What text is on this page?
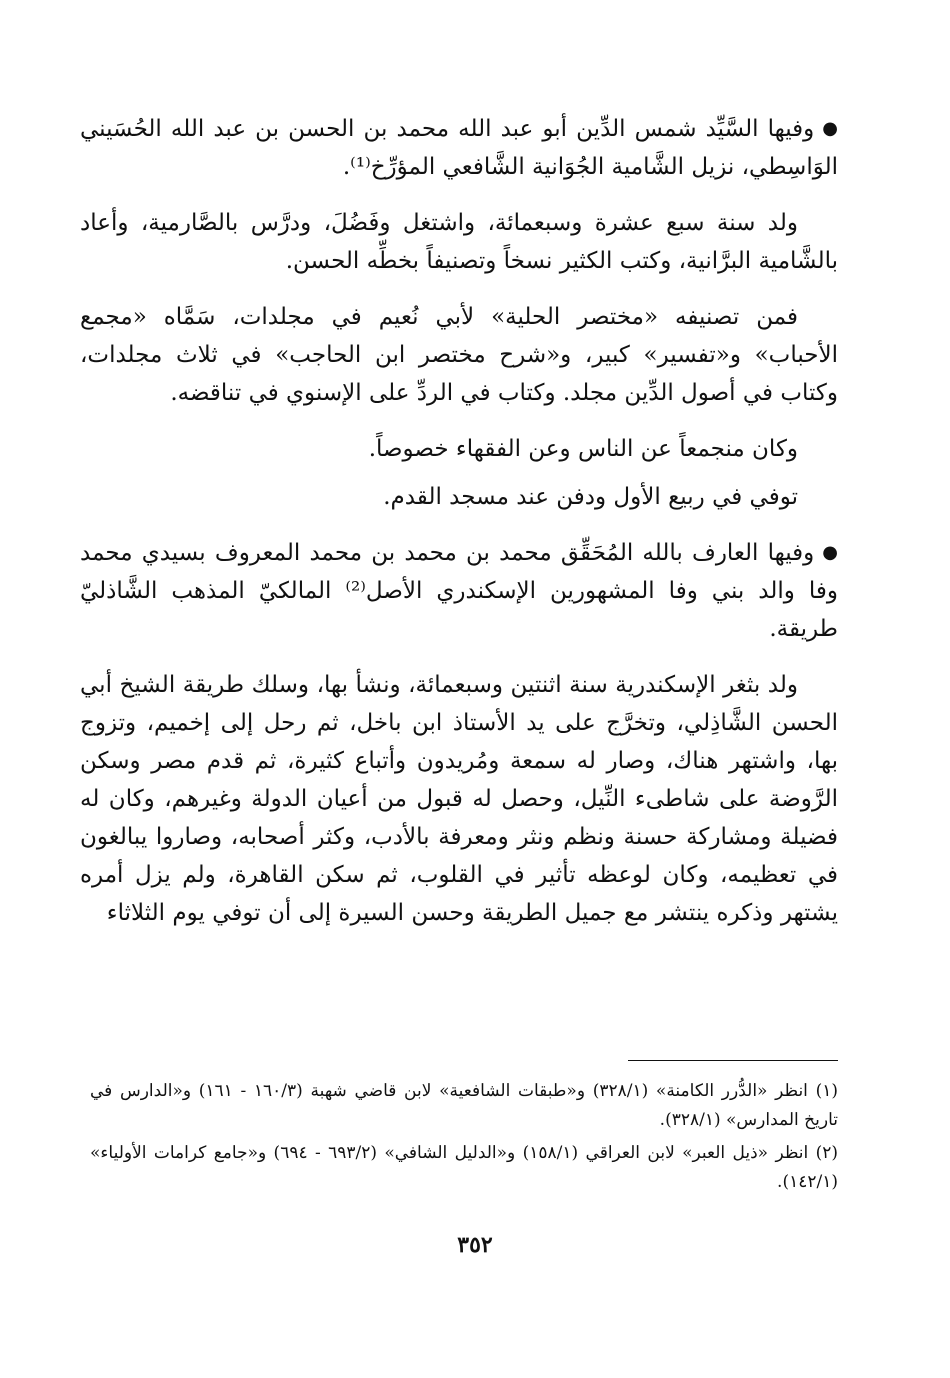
●وفيها السَّيِّد شمس الدِّين أبو عبد الله محمد بن الحسن بن عبد الله الحُسَيني الوَاسِطي، نزيل الشَّامية الجُوَانية الشَّافعي المؤرِّخ⁽¹⁾.

ولد سنة سبع عشرة وسبعمائة، واشتغل وفَضُلَ، ودرَّس بالصَّارمية، وأعاد بالشَّامية البرَّانية، وكتب الكثير نسخاً وتصنيفاً بخطِّه الحسن.

فمن تصنيفه «مختصر الحلية» لأبي نُعيم في مجلدات، سَمَّاه «مجمع الأحباب» و«تفسير» كبير، و«شرح مختصر ابن الحاجب» في ثلاث مجلدات، وكتاب في أصول الدِّين مجلد. وكتاب في الردِّ على الإسنوي في تناقضه.

وكان منجمعاً عن الناس وعن الفقهاء خصوصاً.

توفي في ربيع الأول ودفن عند مسجد القدم.

●وفيها العارف بالله المُحَقِّق محمد بن محمد بن محمد المعروف بسيدي محمد وفا والد بني وفا المشهورين الإسكندري الأصل⁽²⁾ المالكيّ المذهب الشَّاذليّ طريقة.

ولد بثغر الإسكندرية سنة اثنتين وسبعمائة، ونشأ بها، وسلك طريقة الشيخ أبي الحسن الشَّاذِلي، وتخرَّج على يد الأستاذ ابن باخل، ثم رحل إلى إخميم، وتزوج بها، واشتهر هناك، وصار له سمعة ومُريدون وأتباع كثيرة، ثم قدم مصر وسكن الرَّوضة على شاطىء النِّيل، وحصل له قبول من أعيان الدولة وغيرهم، وكان له فضيلة ومشاركة حسنة ونظم ونثر ومعرفة بالأدب، وكثر أصحابه، وصاروا يبالغون في تعظيمه، وكان لوعظه تأثير في القلوب، ثم سكن القاهرة، ولم يزل أمره يشتهر وذكره ينتشر مع جميل الطريقة وحسن السيرة إلى أن توفي يوم الثلاثاء

(١) انظر «الدُّرر الكامنة» (٣٢٨/١) و«طبقات الشافعية» لابن قاضي شهبة (١٦٠/٣ - ١٦١) و«الدارس في تاريخ المدارس» (٣٢٨/١).

(٢) انظر «ذيل العبر» لابن العراقي (١٥٨/١) و«الدليل الشافي» (٦٩٣/٢ - ٦٩٤) و«جامع كرامات الأولياء» (١٤٢/١).

٣٥٢
